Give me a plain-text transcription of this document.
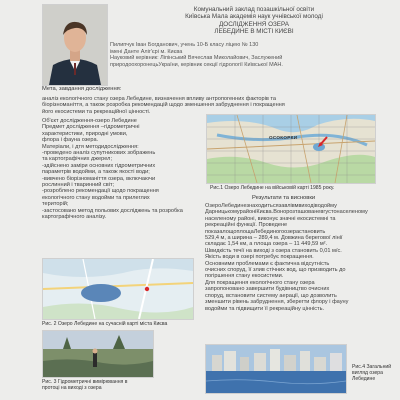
Комунальний заклад позашкільної освіти
Київська Мала академія наук учнівської молоді
ДОСЛІДЖЕННЯ ОЗЕРА
ЛЕБЕДИНЕ В МІСТІ КИЄВІ
Пилипчук Іван Богданович, учень 10-Б класу ліцею № 130
імені Данте Аліг'єрі м. Києва
Науковий керівник: Ліпінський Вячеслав Миколайович, Заслужений
природоохоронецьУкраїни, керівник секції гідрології Київської МАН.
Мета, завдання дослідження:
аналіз екологічного стану озера Лебедине, визначення впливу антропогенних факторів та
біорізноманіття, а також розробка рекомендацій щодо зменшення забруднення і покращення
його екосистеми та рекреаційної цінності.
Об'єкт дослідження-озеро Лебедине
Предмет дослідження –гідрометричні
характеристики, природні умови,
флора і фауна озера.
Матеріали, і дтя методидослідження:
-проведено аналіз супутникових зображень
та картографічних джерел;
-здійснено заміри основних гідрометричних
параметрів водойми, а також якості води;
-вивчено біорізноманіття озера, включаючи
рослинний і тваринний світ;
-розроблено рекомендації щодо покращення
екологічного стану водойми та прилеглих
територій;
-застосовано метод польових досліджень та розробка
картографічного аналізу.
ОСОКОРКИ
Рис.1 Озеро Лебедине на військовій карті 1985 року.
Результати та висновки
ОзероЛебединезнаходитьсязавлівмвиходіводойму
ДарницькомурайоніКиєва.Вонорозташованевгустонаселеному
населеному районі, виконує значні екосистемні та
рекреаційні функції. Проведене
показалощоплощаЛебединогоозерастановить
529,4 м, а ширина – 289,4 м. Довжина берегової лінії
складає 1,54 км, а площа озера – 11 449,59 м².
Швидкість течії на виході з озера становить 0,01 м/с.
Якість води в озері потребує покращення.
Основними проблемами є фактична відсутність
очисних споруд, її злив стічних вод, що призводить до
погіршення стану екосистеми.
Для покращення екологічного стану озера
запропоновано завершити будівництво очисних
споруд, встановити систему аерації, що дозволить
зменшити рівень забруднення, зберегти флору і фауну
водойми та підвищити її рекреаційну цінність.
Рис. 2 Озеро Лебедине на сучасній карті міста Києва
Рис. 3 Гідрометричні вимірювання в
протоці на виході з озера
Рис.4 Загальний
вигляд озера
Лебедине
